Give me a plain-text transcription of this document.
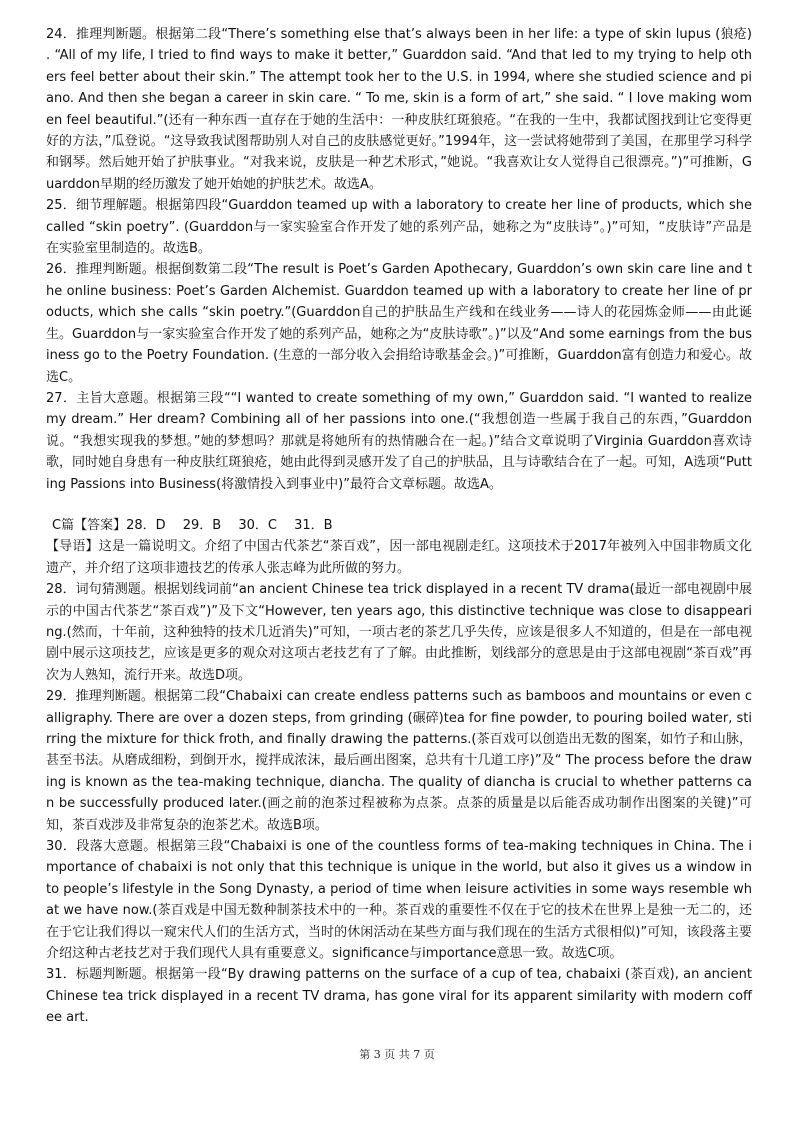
24．推理判断题。根据第二段“There’s something else that’s always been in her life: a type of skin lupus (狼疮) . “All of my life, I tried to find ways to make it better,” Guarddon said. “And that led to my trying to help others feel better about their skin.” The attempt took her to the U.S. in 1994, where she studied science and piano. And then she began a career in skin care. “ To me, skin is a form of art,” she said. “ I love making women feel beautiful.”(还有一种东西一直存在于她的生活中：一种皮肤红斑狼疮。“在我的一生中，我都试图找到让它变得更好的方法，”瓜登说。“这导致我试图帮助别人对自己的皮肤感觉更好。”1994年，这一尝试将她带到了美国，在那里学习科学和钢琴。然后她开始了护肤事业。“对我来说，皮肤是一种艺术形式，”她说。“我喜欢让女人觉得自己很漂亮。”)”可推断，Guarddon早期的经历激发了她开始她的护肤艺术。故选A。

25．细节理解题。根据第四段“Guarddon teamed up with a laboratory to create her line of products, which she called “skin poetry”. (Guarddon与一家实验室合作开发了她的系列产品，她称之为“皮肤诗”。)”可知，“皮肤诗”产品是在实验室里制造的。故选B。

26．推理判断题。根据倒数第二段“The result is Poet’s Garden Apothecary, Guarddon’s own skin care line and the online business: Poet’s Garden Alchemist. Guarddon teamed up with a laboratory to create her line of products, which she calls “skin poetry.”(Guarddon自己的护肤品生产线和在线业务——诗人的花园炼金师——由此诞生。Guarddon与一家实验室合作开发了她的系列产品，她称之为“皮肤诗歌”。)”以及“And some earnings from the business go to the Poetry Foundation. (生意的一部分收入会捐给诗歌基金会。)”可推断，Guarddon富有创造力和爱心。故选C。

27．主旨大意题。根据第三段““I wanted to create something of my own,” Guarddon said. “I wanted to realize my dream.” Her dream? Combining all of her passions into one.(“我想创造一些属于我自己的东西，”Guarddon说。“我想实现我的梦想。”她的梦想吗？那就是将她所有的热情融合在一起。)”结合文章说明了Virginia Guarddon喜欢诗歌，同时她自身患有一种皮肤红斑狼疮，她由此得到灵感开发了自己的护肤品，且与诗歌结合在了一起。可知，A选项“Putting Passions into Business(将激情投入到事业中)”最符合文章标题。故选A。

C篇【答案】28．D　 29．B　 30．C　 31．B

【导语】这是一篇说明文。介绍了中国古代茶艺“茶百戏”，因一部电视剧走红。这项技术于2017年被列入中国非物质文化遗产，并介绍了这项非遗技艺的传承人张志峰为此所做的努力。

28．词句猜测题。根据划线词前“an ancient Chinese tea trick displayed in a recent TV drama(最近一部电视剧中展示的中国古代茶艺“茶百戏”)”及下文“However, ten years ago, this distinctive technique was close to disappearing.(然而，十年前，这种独特的技术几近消失)”可知，一项古老的茶艺几乎失传，应该是很多人不知道的，但是在一部电视剧中展示这项技艺，应该是更多的观众对这项古老技艺有了了解。由此推断，划线部分的意思是由于这部电视剧“茶百戏”再次为人熟知，流行开来。故选D项。

29．推理判断题。根据第二段“Chabaixi can create endless patterns such as bamboos and mountains or even calligraphy. There are over a dozen steps, from grinding (碾碎)tea for fine powder, to pouring boiled water, stirring the mixture for thick froth, and finally drawing the patterns.(茶百戏可以创造出无数的图案，如竹子和山脉，甚至书法。从磨成细粉，到倒开水，搅拌成浓沫，最后画出图案，总共有十几道工序)”及“ The process before the drawing is known as the tea-making technique, diancha. The quality of diancha is crucial to whether patterns can be successfully produced later.(画之前的泡茶过程被称为点茶。点茶的质量是以后能否成功制作出图案的关键)”可知，茶百戏涉及非常复杂的泡茶艺术。故选B项。

30．段落大意题。根据第三段“Chabaixi is one of the countless forms of tea-making techniques in China. The importance of chabaixi is not only that this technique is unique in the world, but also it gives us a window into people’s lifestyle in the Song Dynasty, a period of time when leisure activities in some ways resemble what we have now.(茶百戏是中国无数种制茶技术中的一种。茶百戏的重要性不仅在于它的技术在世界上是独一无二的，还在于它让我们得以一窥宋代人们的生活方式，当时的休闲活动在某些方面与我们现在的生活方式很相似)”可知，该段落主要介绍这种古老技艺对于我们现代人具有重要意义。significance与importance意思一致。故选C项。

31．标题判断题。根据第一段“By drawing patterns on the surface of a cup of tea, chabaixi (茶百戏), an ancient Chinese tea trick displayed in a recent TV drama, has gone viral for its apparent similarity with modern coffee art.

第 3 页 共 7 页
